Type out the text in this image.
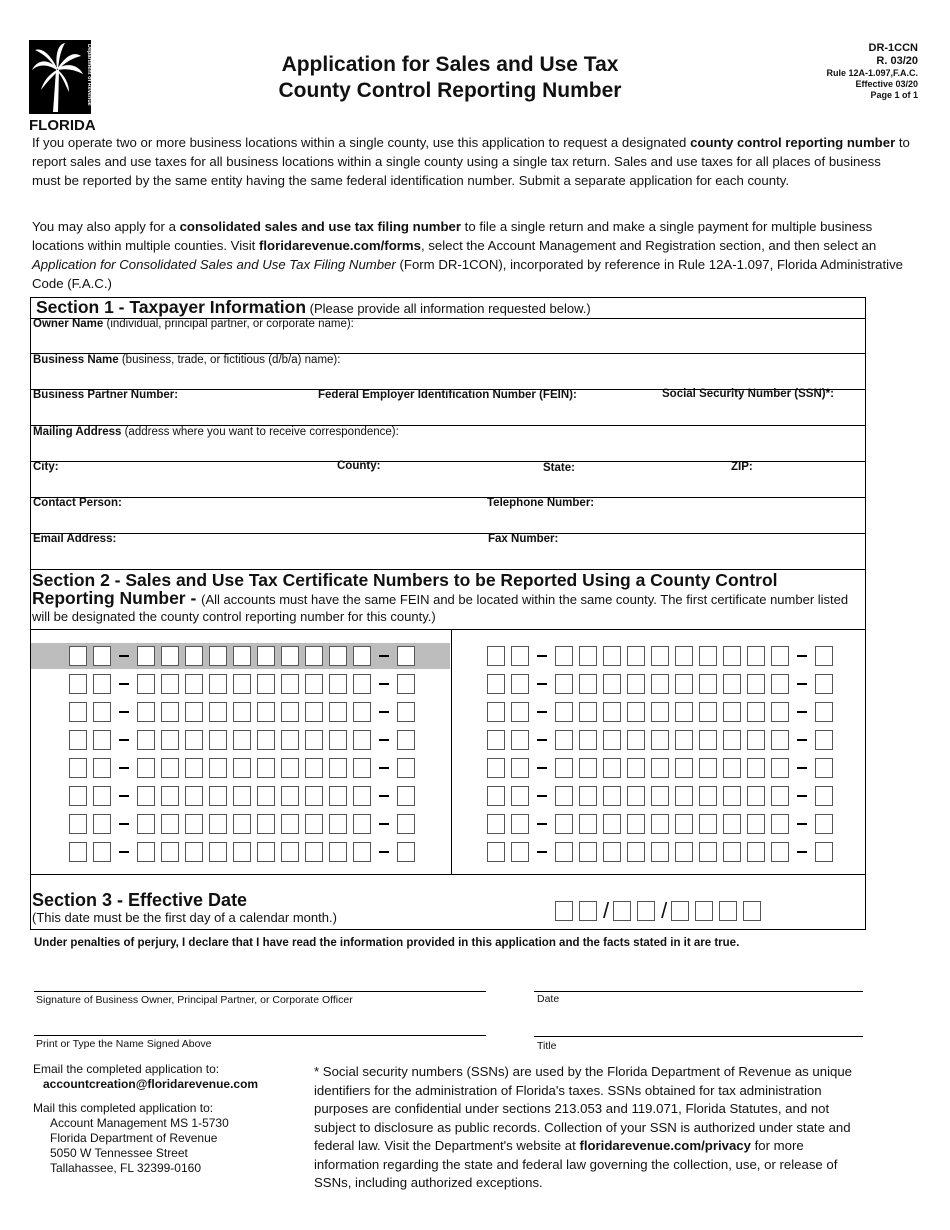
Department of Revenue
FLORIDA
Application for Sales and Use Tax
County Control Reporting Number
DR-1CCN
R. 03/20
Rule 12A-1.097,F.A.C.
Effective 03/20
Page 1 of 1
If you operate two or more business locations within a single county, use this application to request a designated county control reporting number to report sales and use taxes for all business locations within a single county using a single tax return. Sales and use taxes for all places of business must be reported by the same entity having the same federal identification number. Submit a separate application for each county.
You may also apply for a consolidated sales and use tax filing number to file a single return and make a single payment for multiple business locations within multiple counties. Visit floridarevenue.com/forms, select the Account Management and Registration section, and then select an Application for Consolidated Sales and Use Tax Filing Number (Form DR-1CON), incorporated by reference in Rule 12A-1.097, Florida Administrative Code (F.A.C.)
Section 1 - Taxpayer Information (Please provide all information requested below.)
Owner Name (individual, principal partner, or corporate name):
Business Name (business, trade, or fictitious (d/b/a) name):
Business Partner Number:	Federal Employer Identification Number (FEIN):	Social Security Number (SSN)*:
Mailing Address (address where you want to receive correspondence):
City:	County:	State:	ZIP:
Contact Person:	Telephone Number:
Email Address:	Fax Number:
Section 2 - Sales and Use Tax Certificate Numbers to be Reported Using a County Control
Reporting Number - (All accounts must have the same FEIN and be located within the same county. The first certificate number listed will be designated the county control reporting number for this county.)
Section 3 - Effective Date
(This date must be the first day of a calendar month.)	/ /
Under penalties of perjury, I declare that I have read the information provided in this application and the facts stated in it are true.
Signature of Business Owner, Principal Partner, or Corporate Officer	Date
Print or Type the Name Signed Above	Title
Email the completed application to:
accountcreation@floridarevenue.com
Mail this completed application to:
Account Management MS 1-5730
Florida Department of Revenue
5050 W Tennessee Street
Tallahassee, FL 32399-0160
* Social security numbers (SSNs) are used by the Florida Department of Revenue as unique identifiers for the administration of Florida's taxes. SSNs obtained for tax administration purposes are confidential under sections 213.053 and 119.071, Florida Statutes, and not subject to disclosure as public records. Collection of your SSN is authorized under state and federal law. Visit the Department's website at floridarevenue.com/privacy for more information regarding the state and federal law governing the collection, use, or release of SSNs, including authorized exceptions.
